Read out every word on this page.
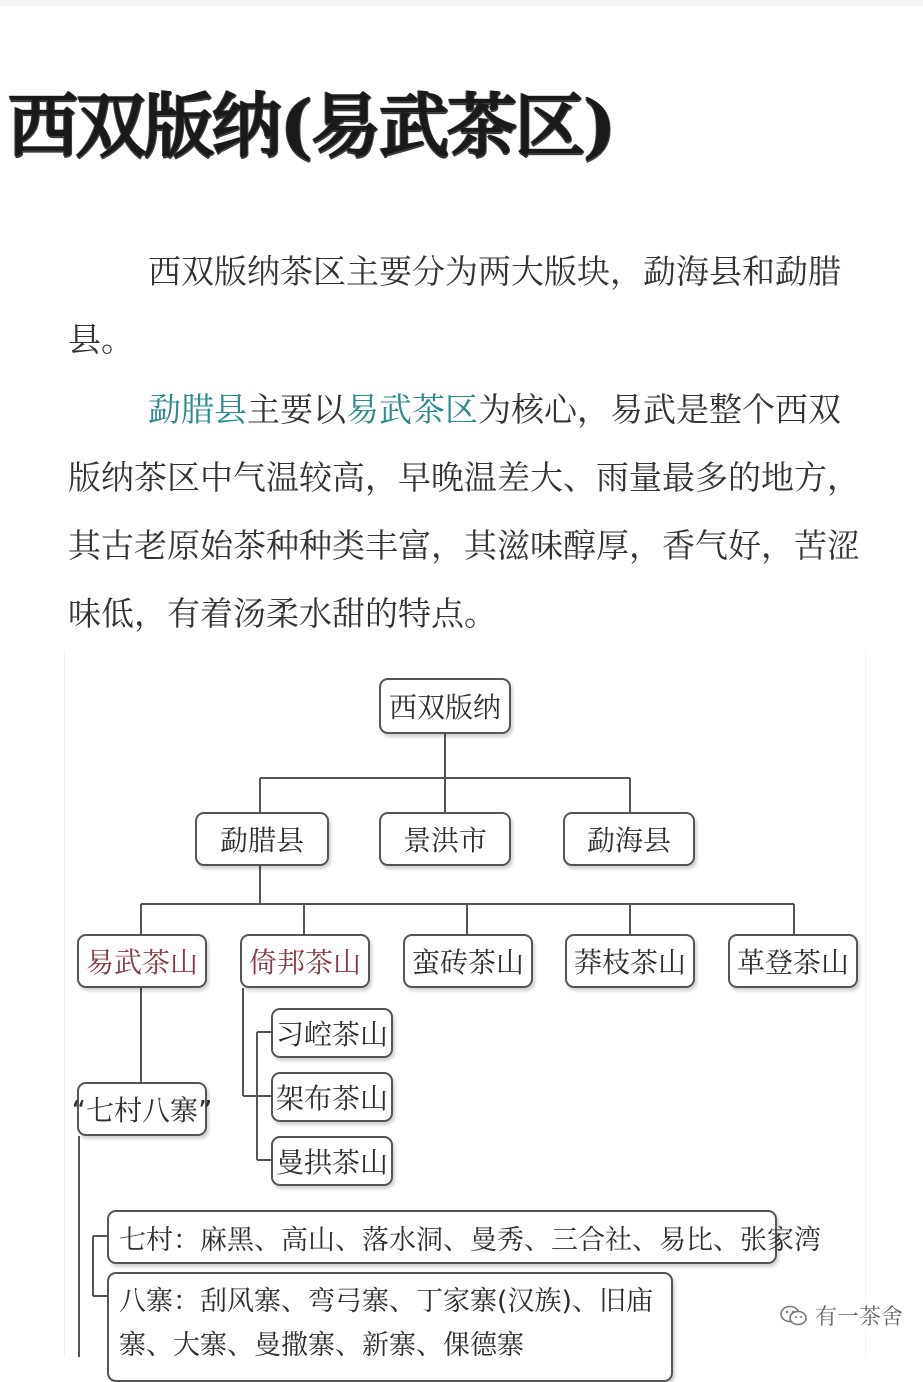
西双版纳(易武茶区)

西双版纳茶区主要分为两大版块，勐海县和勐腊县。

勐腊县主要以易武茶区为核心，易武是整个西双版纳茶区中气温较高，早晚温差大、雨量最多的地方，其古老原始茶种种类丰富，其滋味醇厚，香气好，苦涩味低，有着汤柔水甜的特点。

西双版纳
勐腊县	景洪市	勐海县
易武茶山	倚邦茶山	蛮砖茶山	莽枝茶山	革登茶山
习崆茶山
架布茶山
曼拱茶山
“七村八寨”
七村：麻黑、高山、落水洞、曼秀、三合社、易比、张家湾
八寨：刮风寨、弯弓寨、丁家寨(汉族)、旧庙寨、大寨、曼撒寨、新寨、倮德寨
有一茶舍
